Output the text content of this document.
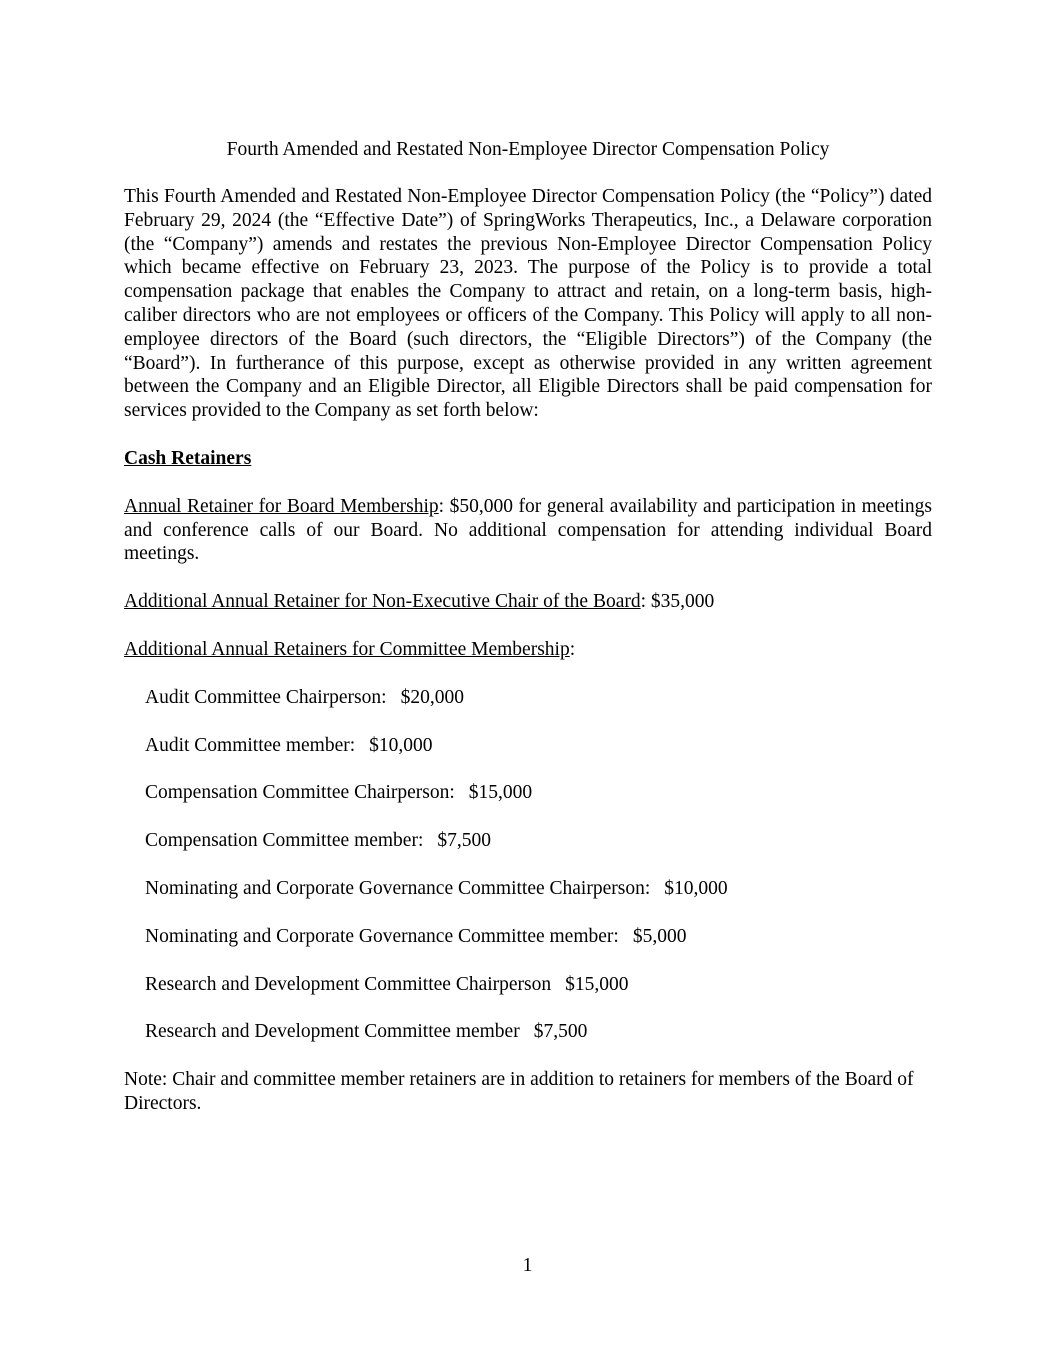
Fourth Amended and Restated Non-Employee Director Compensation Policy

This Fourth Amended and Restated Non-Employee Director Compensation Policy (the “Policy”) dated February 29, 2024 (the “Effective Date”) of SpringWorks Therapeutics, Inc., a Delaware corporation (the “Company”) amends and restates the previous Non-Employee Director Compensation Policy which became effective on February 23, 2023. The purpose of the Policy is to provide a total compensation package that enables the Company to attract and retain, on a long-term basis, high-caliber directors who are not employees or officers of the Company. This Policy will apply to all non-employee directors of the Board (such directors, the “Eligible Directors”) of the Company (the “Board”). In furtherance of this purpose, except as otherwise provided in any written agreement between the Company and an Eligible Director, all Eligible Directors shall be paid compensation for services provided to the Company as set forth below:

Cash Retainers

Annual Retainer for Board Membership: $50,000 for general availability and participation in meetings and conference calls of our Board. No additional compensation for attending individual Board meetings.

Additional Annual Retainer for Non-Executive Chair of the Board: $35,000

Additional Annual Retainers for Committee Membership:

Audit Committee Chairperson: $20,000
Audit Committee member: $10,000
Compensation Committee Chairperson: $15,000
Compensation Committee member: $7,500
Nominating and Corporate Governance Committee Chairperson: $10,000
Nominating and Corporate Governance Committee member: $5,000
Research and Development Committee Chairperson $15,000
Research and Development Committee member $7,500

Note: Chair and committee member retainers are in addition to retainers for members of the Board of Directors.

1
